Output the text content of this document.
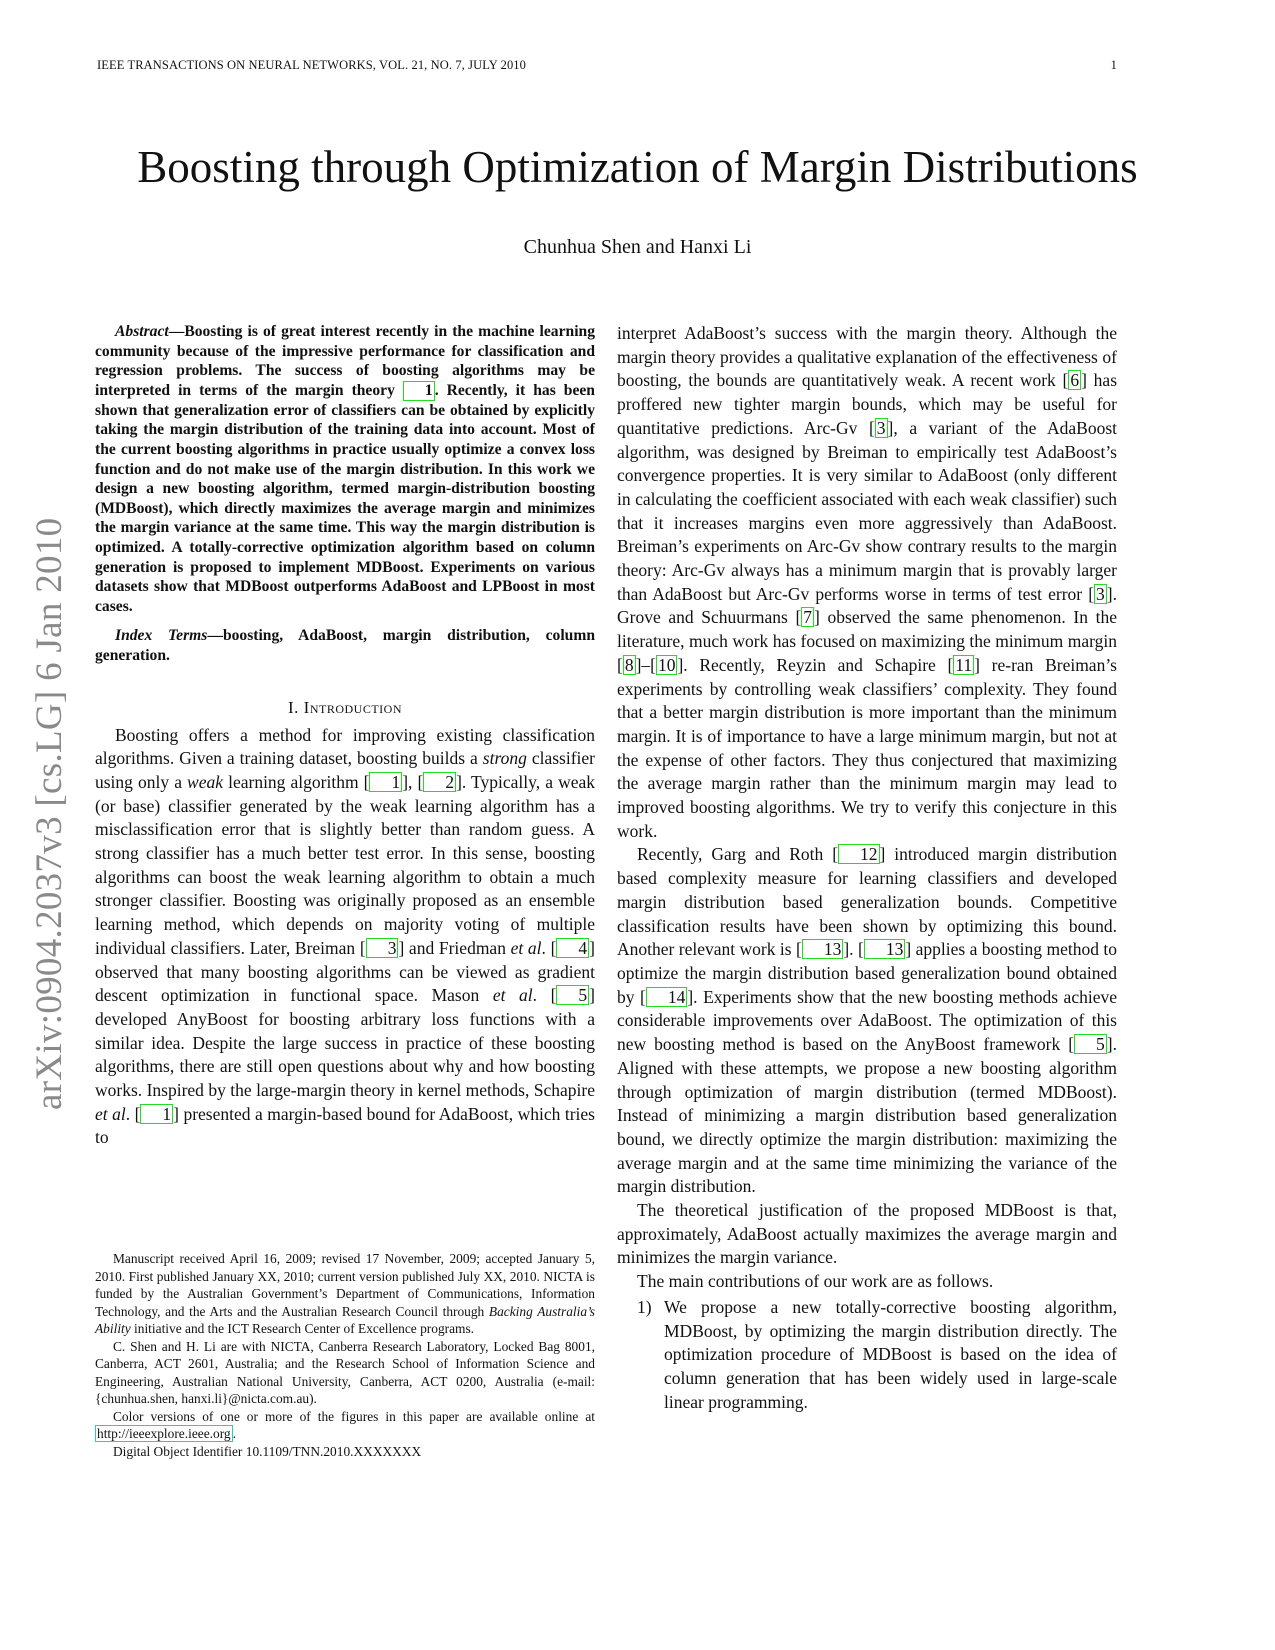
IEEE TRANSACTIONS ON NEURAL NETWORKS, VOL. 21, NO. 7, JULY 2010	1
Boosting through Optimization of Margin Distributions
Chunhua Shen and Hanxi Li
arXiv:0904.2037v3 [cs.LG] 6 Jan 2010

Abstract—Boosting is of great interest recently in the machine learning community because of the impressive performance for classification and regression problems. The success of boosting algorithms may be interpreted in terms of the margin theory 1 . Recently, it has been shown that generalization error of classifiers can be obtained by explicitly taking the margin distribution of the training data into account. Most of the current boosting algorithms in practice usually optimize a convex loss function and do not make use of the margin distribution. In this work we design a new boosting algorithm, termed margin-distribution boosting (MDBoost), which directly maximizes the average margin and minimizes the margin variance at the same time. This way the margin distribution is optimized. A totally-corrective optimization algorithm based on column generation is proposed to implement MDBoost. Experiments on various datasets show that MDBoost outperforms AdaBoost and LPBoost in most cases.

Index Terms—boosting, AdaBoost, margin distribution, column generation.

I. Introduction

Boosting offers a method for improving existing classification algorithms. Given a training dataset, boosting builds a strong classifier using only a weak learning algorithm [ 1 ], [ 2 ]. Typically, a weak (or base) classifier generated by the weak learning algorithm has a misclassification error that is slightly better than random guess. A strong classifier has a much better test error. In this sense, boosting algorithms can boost the weak learning algorithm to obtain a much stronger classifier. Boosting was originally proposed as an ensemble learning method, which depends on majority voting of multiple individual classifiers. Later, Breiman [ 3 ] and Friedman et al. [ 4 ] observed that many boosting algorithms can be viewed as gradient descent optimization in functional space. Mason et al. [ 5 ] developed AnyBoost for boosting arbitrary loss functions with a similar idea. Despite the large success in practice of these boosting algorithms, there are still open questions about why and how boosting works. Inspired by the large-margin theory in kernel methods, Schapire et al. [ 1 ] presented a margin-based bound for AdaBoost, which tries to

Manuscript received April 16, 2009; revised 17 November, 2009; accepted January 5, 2010. First published January XX, 2010; current version published July XX, 2010. NICTA is funded by the Australian Government’s Department of Communications, Information Technology, and the Arts and the Australian Research Council through Backing Australia’s Ability initiative and the ICT Research Center of Excellence programs.

C. Shen and H. Li are with NICTA, Canberra Research Laboratory, Locked Bag 8001, Canberra, ACT 2601, Australia; and the Research School of Information Science and Engineering, Australian National University, Canberra, ACT 0200, Australia (e-mail: {chunhua.shen, hanxi.li}@nicta.com.au).

Color versions of one or more of the figures in this paper are available online at http://ieeexplore.ieee.org .

Digital Object Identifier 10.1109/TNN.2010.XXXXXXX

interpret AdaBoost’s success with the margin theory. Although the margin theory provides a qualitative explanation of the effectiveness of boosting, the bounds are quantitatively weak. A recent work [ 6 ] has proffered new tighter margin bounds, which may be useful for quantitative predictions. Arc-Gv [ 3 ], a variant of the AdaBoost algorithm, was designed by Breiman to empirically test AdaBoost’s convergence properties. It is very similar to AdaBoost (only different in calculating the coefficient associated with each weak classifier) such that it increases margins even more aggressively than AdaBoost. Breiman’s experiments on Arc-Gv show contrary results to the margin theory: Arc-Gv always has a minimum margin that is provably larger than AdaBoost but Arc-Gv performs worse in terms of test error [ 3 ]. Grove and Schuurmans [ 7 ] observed the same phenomenon. In the literature, much work has focused on maximizing the minimum margin [ 8 ]–[ 10 ]. Recently, Reyzin and Schapire [ 11 ] re-ran Breiman’s experiments by controlling weak classifiers’ complexity. They found that a better margin distribution is more important than the minimum margin. It is of importance to have a large minimum margin, but not at the expense of other factors. They thus conjectured that maximizing the average margin rather than the minimum margin may lead to improved boosting algorithms. We try to verify this conjecture in this work.

Recently, Garg and Roth [ 12 ] introduced margin distribution based complexity measure for learning classifiers and developed margin distribution based generalization bounds. Competitive classification results have been shown by optimizing this bound. Another relevant work is [ 13 ]. [ 13 ] applies a boosting method to optimize the margin distribution based generalization bound obtained by [ 14 ]. Experiments show that the new boosting methods achieve considerable improvements over AdaBoost. The optimization of this new boosting method is based on the AnyBoost framework [ 5 ]. Aligned with these attempts, we propose a new boosting algorithm through optimization of margin distribution (termed MDBoost). Instead of minimizing a margin distribution based generalization bound, we directly optimize the margin distribution: maximizing the average margin and at the same time minimizing the variance of the margin distribution.

The theoretical justification of the proposed MDBoost is that, approximately, AdaBoost actually maximizes the average margin and minimizes the margin variance.

The main contributions of our work are as follows.

1) We propose a new totally-corrective boosting algorithm, MDBoost, by optimizing the margin distribution directly. The optimization procedure of MDBoost is based on the idea of column generation that has been widely used in large-scale linear programming.
